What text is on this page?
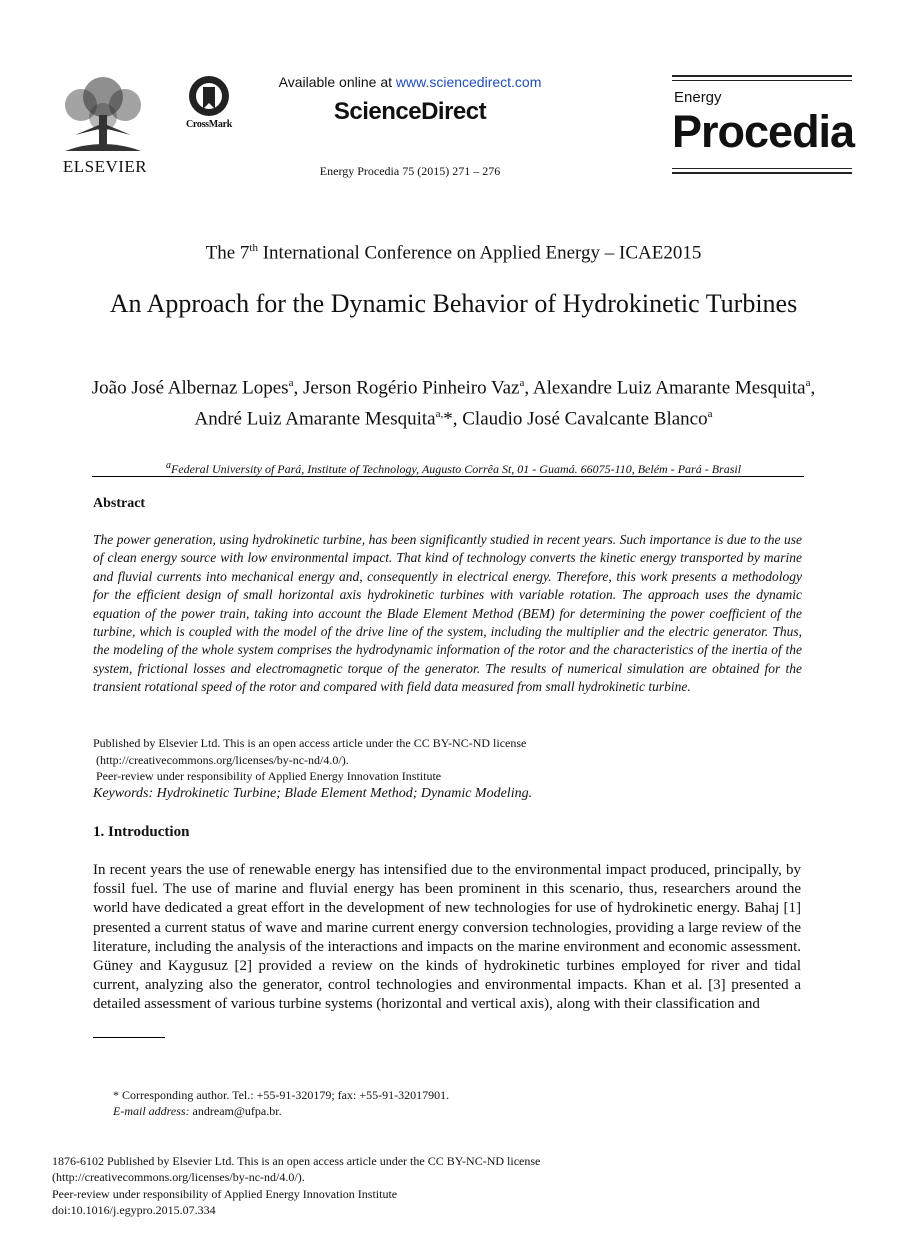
ELSEVIER
CrossMark
Available online at www.sciencedirect.com
ScienceDirect
Energy Procedia 75 (2015) 271 – 276
Energy
Procedia
The 7th International Conference on Applied Energy – ICAE2015
An Approach for the Dynamic Behavior of Hydrokinetic Turbines
João José Albernaz Lopes$^a$, Jerson Rogério Pinheiro Vaz$^a$, Alexandre Luiz Amarante Mesquita$^a$, André Luiz Amarante Mesquita$^{a,}$*, Claudio José Cavalcante Blanco$^a$
$^a$Federal University of Pará, Institute of Technology, Augusto Corrêa St, 01 - Guamá. 66075-110, Belém - Pará - Brasil
Abstract
The power generation, using hydrokinetic turbine, has been significantly studied in recent years. Such importance is due to the use of clean energy source with low environmental impact. That kind of technology converts the kinetic energy transported by marine and fluvial currents into mechanical energy and, consequently in electrical energy. Therefore, this work presents a methodology for the efficient design of small horizontal axis hydrokinetic turbines with variable rotation. The approach uses the dynamic equation of the power train, taking into account the Blade Element Method (BEM) for determining the power coefficient of the turbine, which is coupled with the model of the drive line of the system, including the multiplier and the electric generator. Thus, the modeling of the whole system comprises the hydrodynamic information of the rotor and the characteristics of the inertia of the system, frictional losses and electromagnetic torque of the generator. The results of numerical simulation are obtained for the transient rotational speed of the rotor and compared with field data measured from small hydrokinetic turbine.
Published by Elsevier Ltd. This is an open access article under the CC BY-NC-ND license
(http://creativecommons.org/licenses/by-nc-nd/4.0/).
Peer-review under responsibility of Applied Energy Innovation Institute
Keywords: Hydrokinetic Turbine; Blade Element Method; Dynamic Modeling.
1. Introduction
In recent years the use of renewable energy has intensified due to the environmental impact produced, principally, by fossil fuel. The use of marine and fluvial energy has been prominent in this scenario, thus, researchers around the world have dedicated a great effort in the development of new technologies for use of hydrokinetic energy. Bahaj [1] presented a current status of wave and marine current energy conversion technologies, providing a large review of the literature, including the analysis of the interactions and impacts on the marine environment and economic assessment. Güney and Kaygusuz [2] provided a review on the kinds of hydrokinetic turbines employed for river and tidal current, analyzing also the generator, control technologies and environmental impacts. Khan et al. [3] presented a detailed assessment of various turbine systems (horizontal and vertical axis), along with their classification and
* Corresponding author. Tel.: +55-91-320179; fax: +55-91-32017901.
E-mail address: andream@ufpa.br.
1876-6102 Published by Elsevier Ltd. This is an open access article under the CC BY-NC-ND license
(http://creativecommons.org/licenses/by-nc-nd/4.0/).
Peer-review under responsibility of Applied Energy Innovation Institute
doi:10.1016/j.egypro.2015.07.334
